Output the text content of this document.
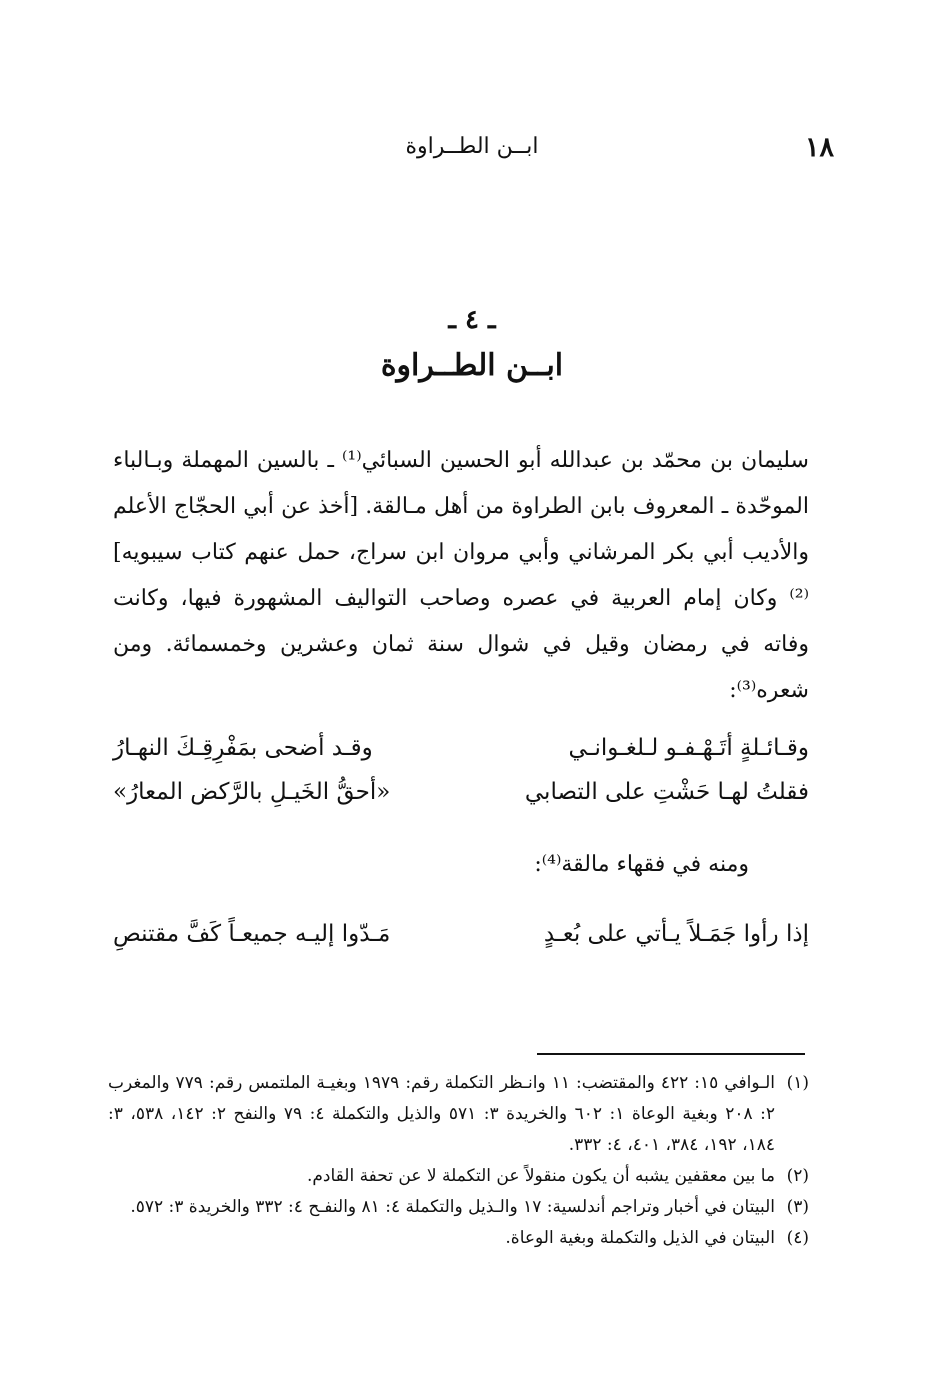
١٨
ابــن الطــراوة
ـ ٤ ـ
ابــن الطــراوة

سليمان بن محمّد بن عبدالله أبو الحسين السبائي⁽¹⁾ ـ بالسين المهملة وبـالباء الموحّدة ـ المعروف بابن الطراوة من أهل مـالقة. [أخذ عن أبي الحجّاج الأعلم والأديب أبي بكر المرشاني وأبي مروان ابن سراج، حمل عنهم كتاب سيبويه]⁽²⁾ وكان إمام العربية في عصره وصاحب التواليف المشهورة فيها، وكانت وفاته في رمضان وقيل في شوال سنة ثمان وعشرين وخمسمائة. ومن شعره⁽³⁾:

وقـائـلةٍ أتَـهْـفـو لـلغـوانـي
وقـد أضحى بمَفْرِقِـكَ النهـارُ
فقلتُ لهـا حَشْتِ على التصابي
«أحقُّ الخَيـلِ بالرَّكض المعارُ»
ومنه في فقهاء مالقة⁽⁴⁾:
إذا رأوا جَمَـلاً يـأتي على بُعـدٍ
مَـدّوا إليـه جميعـاً كَفَّ مقتنصِ
(١)
الـوافي ١٥: ٤٢٢ والمقتضب: ١١ وانـظر التكملة رقم: ١٩٧٩ وبغيـة الملتمس رقم: ٧٧٩ والمغرب ٢: ٢٠٨ وبغية الوعاة ١: ٦٠٢ والخريدة ٣: ٥٧١ والذيل والتكملة ٤: ٧٩ والنفح ٢: ١٤٢، ٥٣٨، ٣: ١٨٤، ١٩٢، ٣٨٤، ٤٠١، ٤: ٣٣٢.
(٢)
ما بين معقفين يشبه أن يكون منقولاً عن التكملة لا عن تحفة القادم.
(٣)
البيتان في أخبار وتراجم أندلسية: ١٧ والـذيل والتكملة ٤: ٨١ والنفـح ٤: ٣٣٢ والخريدة ٣: ٥٧٢.
(٤)
البيتان في الذيل والتكملة وبغية الوعاة.
